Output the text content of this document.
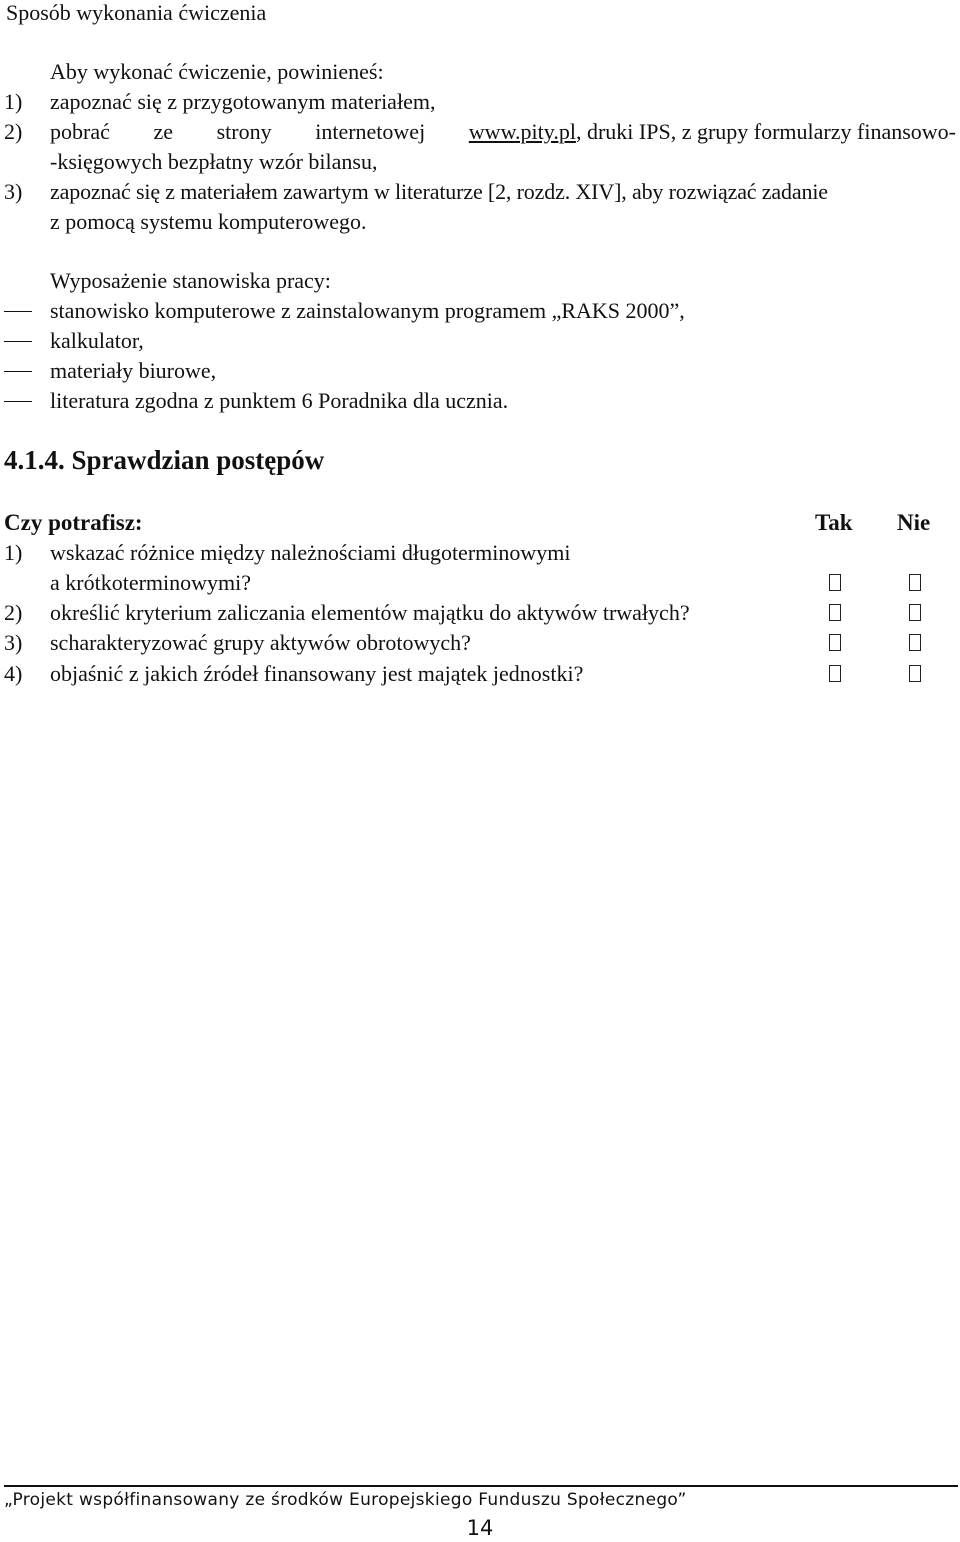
Sposób wykonania ćwiczenia
Aby wykonać ćwiczenie, powinieneś:
1) zapoznać się z przygotowanym materiałem,
2) pobrać ze strony internetowej www.pity.pl, druki IPS, z grupy formularzy finansowo-
-księgowych bezpłatny wzór bilansu,
3) zapoznać się z materiałem zawartym w literaturze [2, rozdz. XIV], aby rozwiązać zadanie
z pomocą systemu komputerowego.
Wyposażenie stanowiska pracy:
stanowisko komputerowe z zainstalowanym programem „RAKS 2000”,
kalkulator,
materiały biurowe,
literatura zgodna z punktem 6 Poradnika dla ucznia.
4.1.4. Sprawdzian postępów
Czy potrafisz:	Tak Nie
1) wskazać różnice między należnościami długoterminowymi
a krótkoterminowymi?
2) określić kryterium zaliczania elementów majątku do aktywów trwałych?
3) scharakteryzować grupy aktywów obrotowych?
4) objaśnić z jakich źródeł finansowany jest majątek jednostki?
„Projekt współfinansowany ze środków Europejskiego Funduszu Społecznego”
14
